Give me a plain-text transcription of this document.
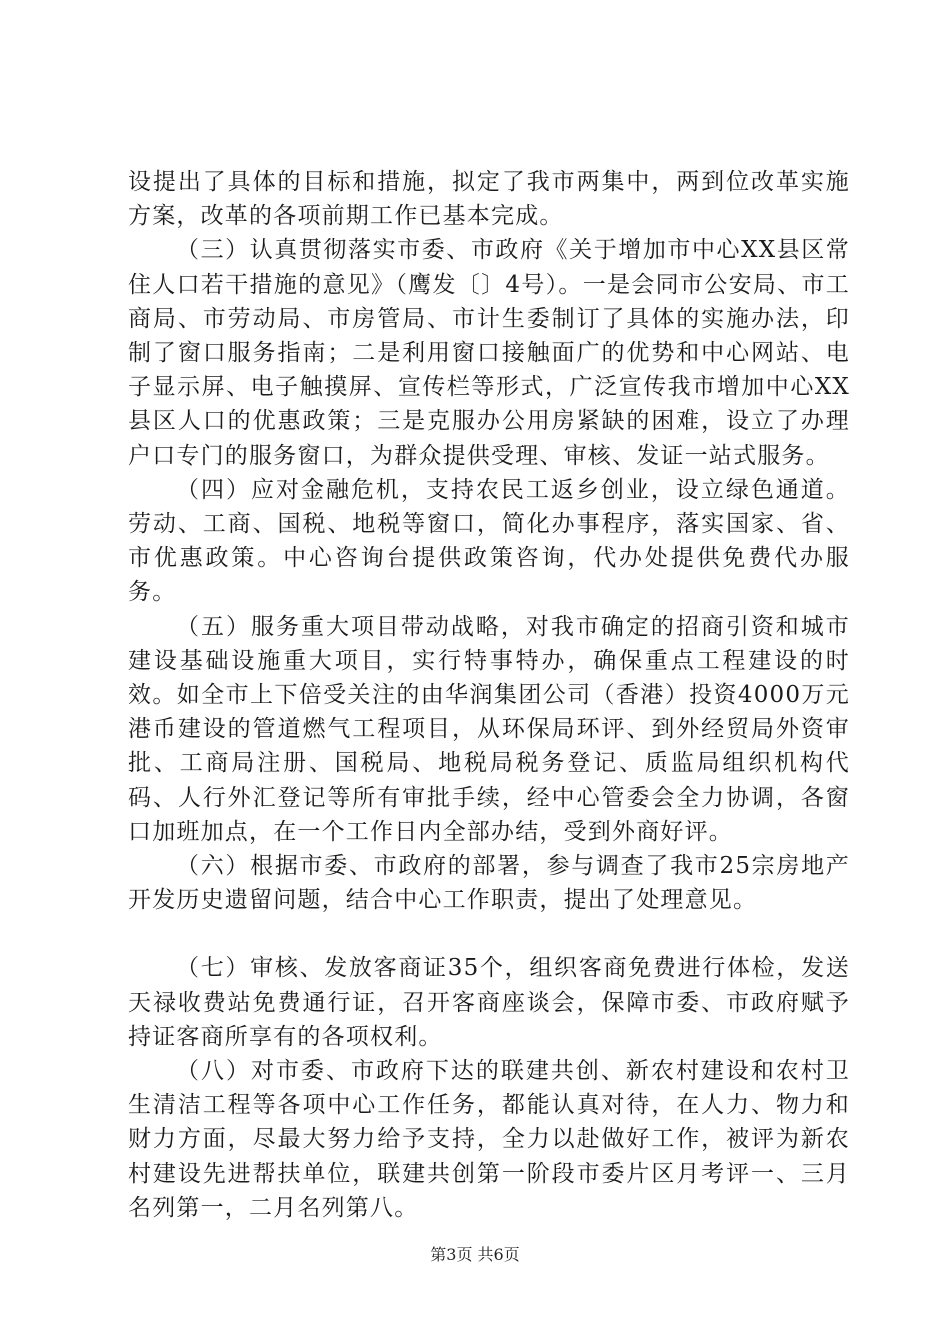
设提出了具体的目标和措施，拟定了我市两集中，两到位改革实施方案，改革的各项前期工作已基本完成。

（三）认真贯彻落实市委、市政府《关于增加市中心XX县区常住人口若干措施的意见》（鹰发〔〕4号）。一是会同市公安局、市工商局、市劳动局、市房管局、市计生委制订了具体的实施办法，印制了窗口服务指南；二是利用窗口接触面广的优势和中心网站、电子显示屏、电子触摸屏、宣传栏等形式，广泛宣传我市增加中心XX县区人口的优惠政策；三是克服办公用房紧缺的困难，设立了办理户口专门的服务窗口，为群众提供受理、审核、发证一站式服务。

（四）应对金融危机，支持农民工返乡创业，设立绿色通道。劳动、工商、国税、地税等窗口，简化办事程序，落实国家、省、市优惠政策。中心咨询台提供政策咨询，代办处提供免费代办服务。

（五）服务重大项目带动战略，对我市确定的招商引资和城市建设基础设施重大项目，实行特事特办，确保重点工程建设的时效。如全市上下倍受关注的由华润集团公司（香港）投资4000万元港币建设的管道燃气工程项目，从环保局环评、到外经贸局外资审批、工商局注册、国税局、地税局税务登记、质监局组织机构代码、人行外汇登记等所有审批手续，经中心管委会全力协调，各窗口加班加点，在一个工作日内全部办结，受到外商好评。

（六）根据市委、市政府的部署，参与调查了我市25宗房地产开发历史遗留问题，结合中心工作职责，提出了处理意见。

（七）审核、发放客商证35个，组织客商免费进行体检，发送天禄收费站免费通行证，召开客商座谈会，保障市委、市政府赋予持证客商所享有的各项权利。

（八）对市委、市政府下达的联建共创、新农村建设和农村卫生清洁工程等各项中心工作任务，都能认真对待，在人力、物力和财力方面，尽最大努力给予支持，全力以赴做好工作，被评为新农村建设先进帮扶单位，联建共创第一阶段市委片区月考评一、三月名列第一，二月名列第八。

第3页 共6页
